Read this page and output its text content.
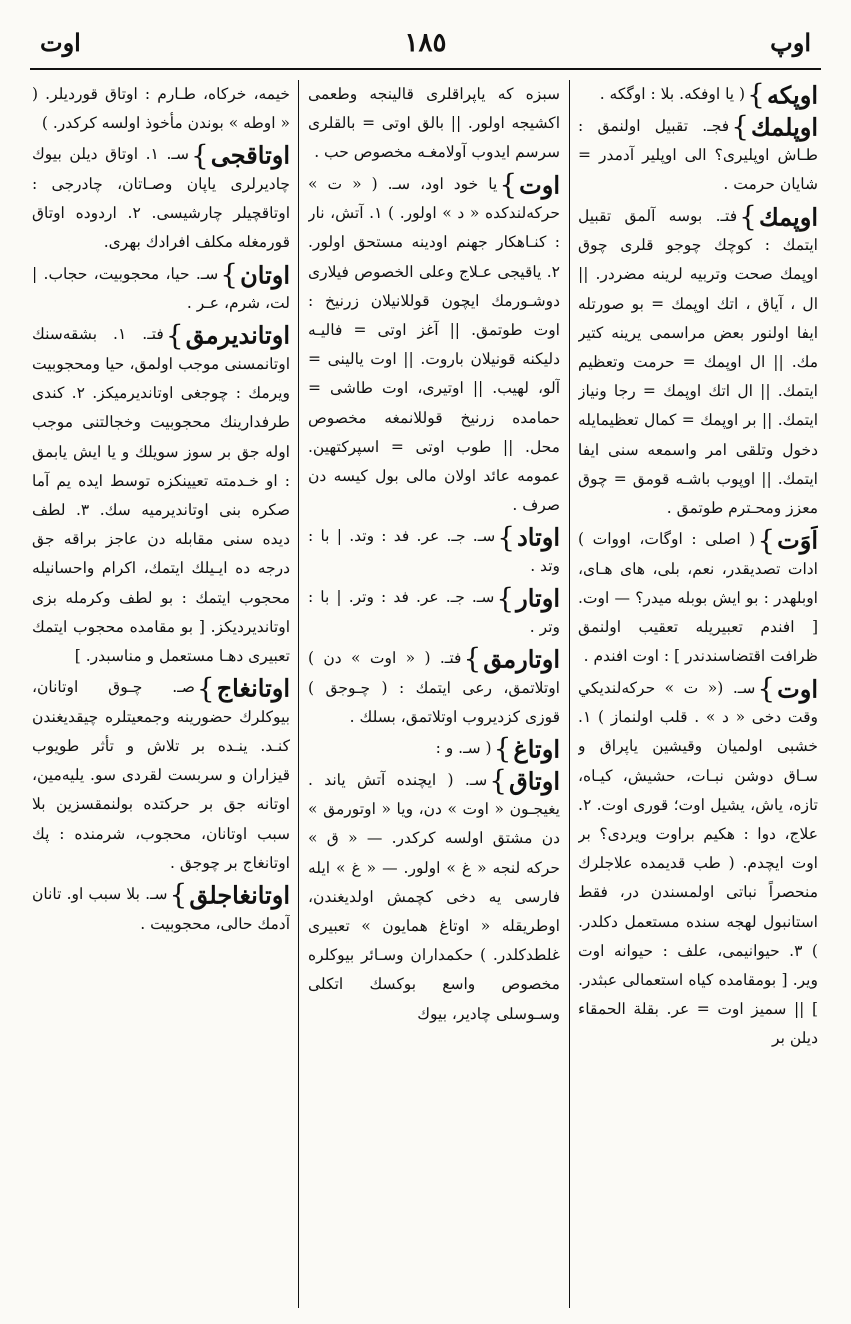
اوپ
١٨٥
اوت
اوپكه}( يا اوفكه. بلا : اوگكه .
اوپلمك}فجـ. تقبيل اولنمق : طـاش اوپليرى؟ الى اوپلير آدمدر = شايان حرمت .
اوپمك}فتـ. بوسه آلمق تقبيل ايتمك : كوچك چوجو قلرى چوق اوپمك صحت وتربيه لرينه مضردر. || ال ، آياق ، اتك اوپمك = بو صورتله ايفا اولنور بعض مراسمى يرينه كتير مك. || ال اوپمك = حرمت وتعظيم ايتمك. || ال اتك اوپمك = رجا ونياز ايتمك. || بر اوپمك = كمال تعظيمايله دخول وتلقى امر واسمعه سنى ايفا ايتمك. || اوپوب باشـه قومق = چوق معزز ومحـترم طوتمق .
اَوَت}( اصلى : اوگات، اووات ) ادات تصديقدر، نعم، بلى، هاى هـاى، اوبلهدر : بو ايش بوبله ميدر؟ — اوت. [ افندم تعبيريله تعقيب اولنمق ظرافت اقتضاسندندر ] : اوت افندم .
اوت}سـ. (« ت » حركه‌لنديكي وقت دخى « د » . قلب اولنماز ) ١. خشبى اولميان وقيشين ياپراق و سـاق دوشن نبـات، حشيش، كيـاه، تازه، ياش، يشيل اوت؛ قورى اوت. ٢. علاج، دوا : هكيم براوت ويردى؟ بر اوت ايچدم. ( طب قديمده علاجلرك منحصراً نباتى اولمسندن در، فقط استانبول لهجه سنده مستعمل دكلدر. ) ٣. حيوانيمى، علف : حيوانه اوت وير. [ بومقامده كياه استعمالى عبثدر. ] || سميز اوت = عر. بقلة الحمقاء ديلن بر
سبزه كه ياپراقلرى قالينجه وطعمى اكشيجه اولور. || بالق اوتى = بالقلرى سرسم ايدوب آولامغـه مخصوص حب .
اوت}يا خود اود، سـ. ( « ت » حركه‌لندكده « د » اولور. ) ١. آتش، نار : كنـاهكار جهنم اودينه مستحق اولور. ٢. ياقيجى عـلاج وعلى الخصوص فيلارى دوشـورمك ايچون قوللانيلان زرنيخ : اوت طوتمق. || آغز اوتى = فاليـه دليكنه قونيلان باروت. || اوت يالينى = آلو، لهيب. || اوتيرى، اوت طاشى = حمامده زرنيخ قوللانمغه مخصوص محل. || طوب اوتى = اسپركتهين. عمومه عائد اولان مالى بول كيسه دن صرف .
اوتاد}سـ. جـ. عر. فد : وتد. | با : وتد .
اوتار}سـ. جـ. عر. فد : وتر. | با : وتر .
اوتارمق}فتـ. ( « اوت » دن ) اوتلاتمق، رعى ايتمك : ( چـوجق ) قوزى كزديروب اوتلاتمق، بسلك .
اوتاغ}( سـ. و :
اوتاق}سـ. ( ايچنده آتش ياند . يغيجـون « اوت » دن، ويا « اوتورمق » دن مشتق اولسه كركدر. — « ق » حركه لنجه « غ » اولور. — « غ » ايله فارسى يه دخى كچمش اولديغندن، اوطريقله « اوتاغ همايون » تعبيرى غلطدكلدر. ) حكمداران وسـائر بيوكلره مخصوص واسع بوكسك اتكلى وسـوسلى چادير، بيوك
خيمه، خركاه، طـارم : اوتاق قوردیلر. ( « اوطه » بوندن مأخوذ اولسه كركدر. )
اوتاقجى}سـ. ١. اوتاق ديلن بيوك چادیرلرى ياپان وصـاتان، چادرجى : اوتاقچيلر چارشيسى. ٢. اردوده اوتاق قورمغله مكلف افرادك بهرى.
اوتان}سـ. حيا، محجوبيت، حجاب. | لت، شرم، عـر .
اوتاندیرمق}فتـ. ١. بشقه‌سنك اوتانمسنى موجب اولمق، حيا ومحجوبيت ويرمك : چوجغى اوتانديرميكز. ٢. كندى طرفدارينك محجوبيت وخجالتنى موجب اوله جق بر سوز سويلك و يا ايش يابمق : او خـدمته تعيينكزه توسط ايده يم آما صكره بنى اوتانديرميه سك. ٣. لطف ديده سنى مقابله دن عاجز براقه جق درجه ده ايـيلك ايتمك، اكرام واحسانيله محجوب ايتمك : بو لطف وكرمله بزى اوتانديردیكز. [ بو مقامده محجوب ايتمك تعبيرى دهـا مستعمل و مناسبدر. ]
اوتانغاج}صـ. چـوق اوتانان، بيوكلرك حضورينه وجمعيتلره چيقديغندن كنـد. ينـده بر تلاش و تأثر طويوب قيزاران و سربست لقردى سو. يليه‌مين، اوتانه جق بر حركتده بولنمقسزين بلا سبب اوتانان، محجوب، شرمنده : پك اوتانغاج بر چوجق .
اوتانغاجلق}سـ. بلا سبب او. تانان آدمك حالى، محجوبيت .
